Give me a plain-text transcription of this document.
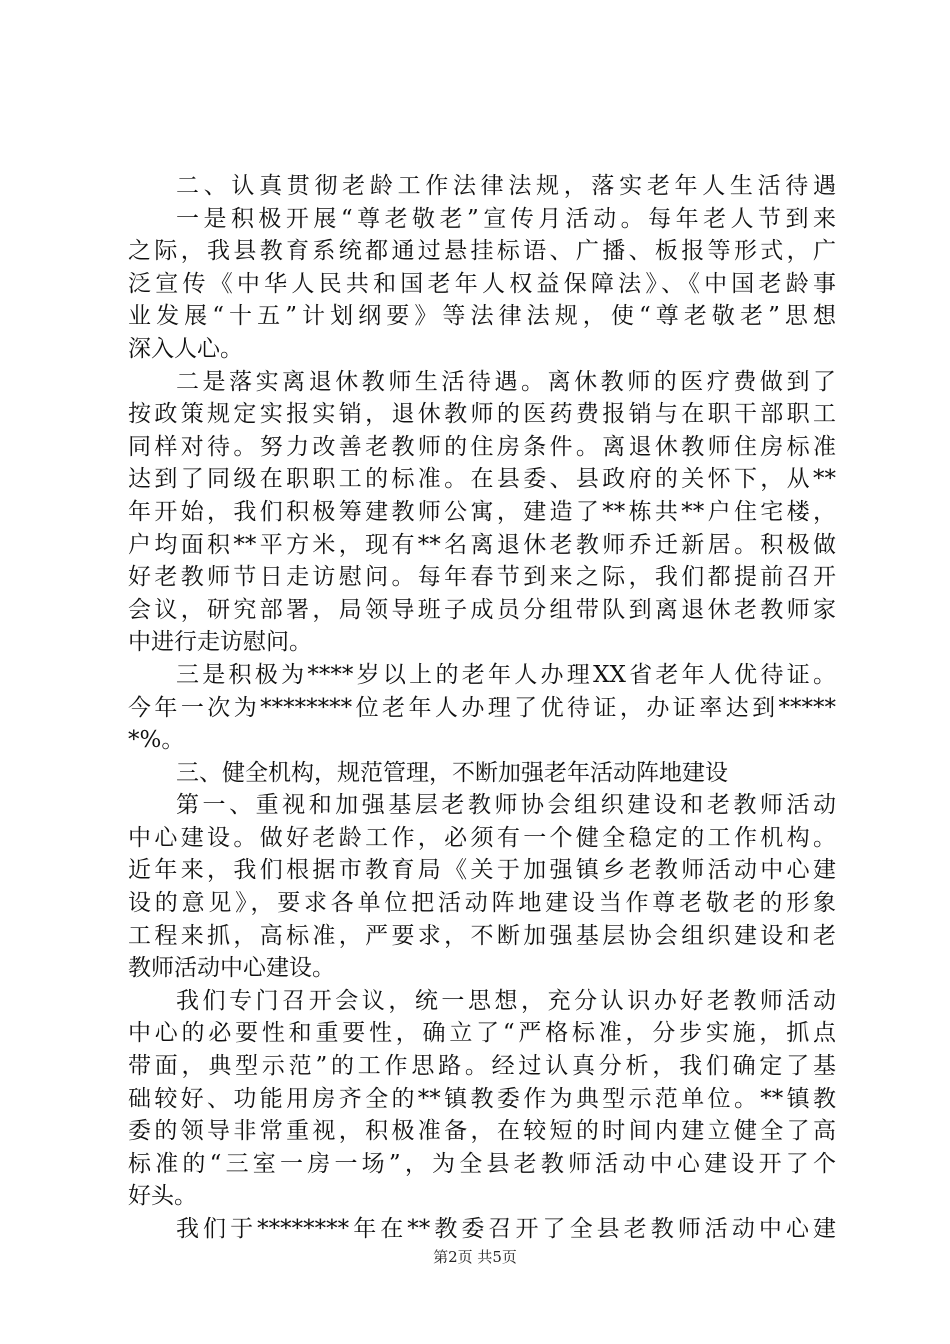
二、认真贯彻老龄工作法律法规，落实老年人生活待遇
一是积极开展“尊老敬老”宣传月活动。每年老人节到来
之际，我县教育系统都通过悬挂标语、广播、板报等形式，广
泛宣传《中华人民共和国老年人权益保障法》、《中国老龄事
业发展“十五”计划纲要》等法律法规，使“尊老敬老”思想
深入人心。
二是落实离退休教师生活待遇。离休教师的医疗费做到了
按政策规定实报实销，退休教师的医药费报销与在职干部职工
同样对待。努力改善老教师的住房条件。离退休教师住房标准
达到了同级在职职工的标准。在县委、县政府的关怀下，从**
年开始，我们积极筹建教师公寓，建造了**栋共**户住宅楼，
户均面积**平方米，现有**名离退休老教师乔迁新居。积极做
好老教师节日走访慰问。每年春节到来之际，我们都提前召开
会议，研究部署，局领导班子成员分组带队到离退休老教师家
中进行走访慰问。
三是积极为****岁以上的老年人办理XX省老年人优待证。
今年一次为********位老年人办理了优待证，办证率达到*****
*%。
三、健全机构，规范管理，不断加强老年活动阵地建设
第一、重视和加强基层老教师协会组织建设和老教师活动
中心建设。做好老龄工作，必须有一个健全稳定的工作机构。
近年来，我们根据市教育局《关于加强镇乡老教师活动中心建
设的意见》，要求各单位把活动阵地建设当作尊老敬老的形象
工程来抓，高标准，严要求，不断加强基层协会组织建设和老
教师活动中心建设。
我们专门召开会议，统一思想，充分认识办好老教师活动
中心的必要性和重要性，确立了“严格标准，分步实施，抓点
带面，典型示范”的工作思路。经过认真分析，我们确定了基
础较好、功能用房齐全的**镇教委作为典型示范单位。**镇教
委的领导非常重视，积极准备，在较短的时间内建立健全了高
标准的“三室一房一场”，为全县老教师活动中心建设开了个
好头。
我们于********年在**教委召开了全县老教师活动中心建
第2页 共5页
